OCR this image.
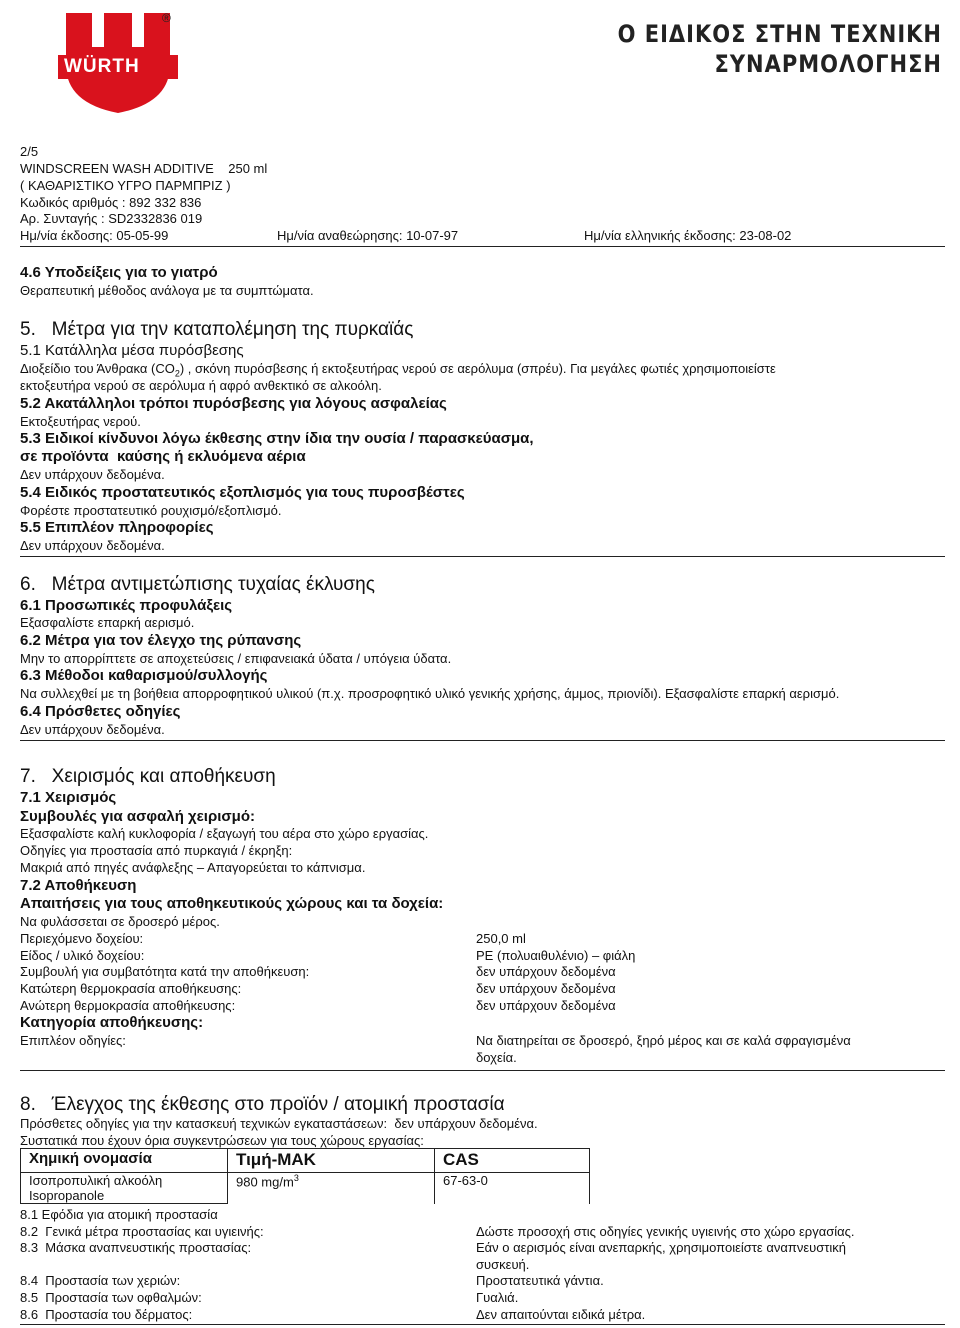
WÜRTH
®
Ο ΕΙΔΙΚΟΣ ΣΤΗΝ ΤΕΧΝΙΚΗ
ΣΥΝΑΡΜΟΛΟΓΗΣΗ
2/5
WINDSCREEN WASH ADDITIVE    250 ml
( ΚΑΘΑΡΙΣΤΙΚΟ ΥΓΡΟ ΠΑΡΜΠΡΙΖ )
Κωδικός αριθμός : 892 332 836
Αρ. Συνταγής : SD2332836 019
Ημ/νία έκδοσης: 05-05-99	Ημ/νία αναθεώρησης: 10-07-97	Ημ/νία ελληνικής έκδοσης: 23-08-02
4.6 Υποδείξεις για το γιατρό
Θεραπευτική μέθοδος ανάλογα με τα συμπτώματα.
5.   Μέτρα για την καταπολέμηση της πυρκαϊάς
5.1 Κατάλληλα μέσα πυρόσβεσης
Διοξείδιο του Άνθρακα $(CO_2)$ , σκόνη πυρόσβεσης ή εκτοξευτήρας νερού σε αερόλυμα (σπρέυ). Για μεγάλες φωτιές χρησιμοποιείστε
εκτοξευτήρα νερού σε αερόλυμα ή αφρό ανθεκτικό σε αλκοόλη.
5.2 Ακατάλληλοι τρόποι πυρόσβεσης για λόγους ασφαλείας
Εκτοξευτήρας νερού.
5.3 Ειδικοί κίνδυνοι λόγω έκθεσης στην ίδια την ουσία / παρασκεύασμα,
σε προϊόντα  καύσης ή εκλυόμενα αέρια
Δεν υπάρχουν δεδομένα.
5.4 Ειδικός προστατευτικός εξοπλισμός για τους πυροσβέστες
Φορέστε προστατευτικό ρουχισμό/εξοπλισμό.
5.5 Επιπλέον πληροφορίες
Δεν υπάρχουν δεδομένα.
6.   Μέτρα αντιμετώπισης τυχαίας έκλυσης
6.1 Προσωπικές προφυλάξεις
Εξασφαλίστε επαρκή αερισμό.
6.2 Μέτρα για τον έλεγχο της ρύπανσης
Μην το απορρίπτετε σε αποχετεύσεις / επιφανειακά ύδατα / υπόγεια ύδατα.
6.3 Μέθοδοι καθαρισμού/συλλογής
Να συλλεχθεί με τη βοήθεια απορροφητικού υλικού (π.χ. προσροφητικό υλικό γενικής χρήσης, άμμος, πριονίδι). Εξασφαλίστε επαρκή αερισμό.
6.4 Πρόσθετες οδηγίες
Δεν υπάρχουν δεδομένα.
7.   Χειρισμός και αποθήκευση
7.1 Χειρισμός
Συμβουλές για ασφαλή χειρισμό:
Εξασφαλίστε καλή κυκλοφορία / εξαγωγή του αέρα στο χώρο εργασίας.
Οδηγίες για προστασία από πυρκαγιά / έκρηξη:
Μακριά από πηγές ανάφλεξης – Απαγορεύεται το κάπνισμα.
7.2 Αποθήκευση
Απαιτήσεις για τους αποθηκευτικούς χώρους και τα δοχεία:
Να φυλάσσεται σε δροσερό μέρος.
Περιεχόμενο δοχείου:	250,0 ml
Είδος / υλικό δοχείου:	PE (πολυαιθυλένιο) – φιάλη
Συμβουλή για συμβατότητα κατά την αποθήκευση:	δεν υπάρχουν δεδομένα
Κατώτερη θερμοκρασία αποθήκευσης:	δεν υπάρχουν δεδομένα
Ανώτερη θερμοκρασία αποθήκευσης:	δεν υπάρχουν δεδομένα
Κατηγορία αποθήκευσης:
Επιπλέον οδηγίες:	Να διατηρείται σε δροσερό, ξηρό μέρος και σε καλά σφραγισμένα
δοχεία.
8.   Έλεγχος της έκθεσης στο προϊόν / ατομική προστασία
Πρόσθετες οδηγίες για την κατασκευή τεχνικών εγκαταστάσεων:  δεν υπάρχουν δεδομένα.
Συστατικά που έχουν όρια συγκεντρώσεων για τους χώρους εργασίας:
Χημική ονομασία	Τιμή-MAK	CAS

Ισοπροπυλική αλκοόλη
Isopropanole	980 $mg/m^3$	67-63-0
8.1 Εφόδια για ατομική προστασία
8.2  Γενικά μέτρα προστασίας και υγιεινής:	Δώστε προσοχή στις οδηγίες γενικής υγιεινής στο χώρο εργασίας.
8.3  Μάσκα αναπνευστικής προστασίας:	Εάν ο αερισμός είναι ανεπαρκής, χρησιμοποιείστε αναπνευστική
συσκευή.
8.4  Προστασία των χεριών:	Προστατευτικά γάντια.
8.5  Προστασία των οφθαλμών:	Γυαλιά.
8.6  Προστασία του δέρματος:	Δεν απαιτούνται ειδικά μέτρα.
